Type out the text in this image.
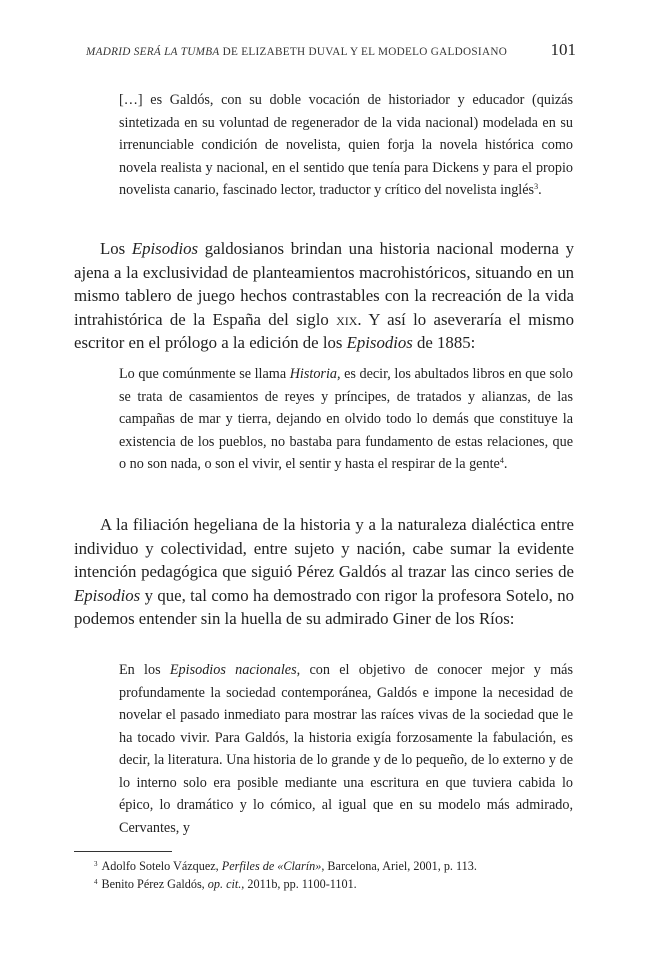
MADRID SERÁ LA TUMBA DE ELIZABETH DUVAL Y EL MODELO GALDOSIANO	101

[…] es Galdós, con su doble vocación de historiador y educador (quizás sintetizada en su voluntad de regenerador de la vida nacional) modelada en su irrenunciable condición de novelista, quien forja la novela histórica como novela realista y nacional, en el sentido que tenía para Dickens y para el propio novelista canario, fascinado lector, traductor y crítico del novelista inglés$^3$.

Los Episodios galdosianos brindan una historia nacional moderna y ajena a la exclusividad de planteamientos macrohistóricos, situando en un mismo tablero de juego hechos contrastables con la recreación de la vida intrahistórica de la España del siglo xix. Y así lo aseveraría el mismo escritor en el prólogo a la edición de los Episodios de 1885:

Lo que comúnmente se llama Historia, es decir, los abultados libros en que solo se trata de casamientos de reyes y príncipes, de tratados y alianzas, de las campañas de mar y tierra, dejando en olvido todo lo demás que constituye la existencia de los pueblos, no bastaba para fundamento de estas relaciones, que o no son nada, o son el vivir, el sentir y hasta el respirar de la gente$^4$.

A la filiación hegeliana de la historia y a la naturaleza dialéctica entre individuo y colectividad, entre sujeto y nación, cabe sumar la evidente intención pedagógica que siguió Pérez Galdós al trazar las cinco series de Episodios y que, tal como ha demostrado con rigor la profesora Sotelo, no podemos entender sin la huella de su admirado Giner de los Ríos:

En los Episodios nacionales, con el objetivo de conocer mejor y más profundamente la sociedad contemporánea, Galdós e impone la necesidad de novelar el pasado inmediato para mostrar las raíces vivas de la sociedad que le ha tocado vivir. Para Galdós, la historia exigía forzosamente la fabulación, es decir, la literatura. Una historia de lo grande y de lo pequeño, de lo externo y de lo interno solo era posible mediante una escritura en que tuviera cabida lo épico, lo dramático y lo cómico, al igual que en su modelo más admirado, Cervantes, y

$^3$ Adolfo Sotelo Vázquez, Perfiles de «Clarín», Barcelona, Ariel, 2001, p. 113.

$^4$ Benito Pérez Galdós, op. cit., 2011b, pp. 1100-1101.
